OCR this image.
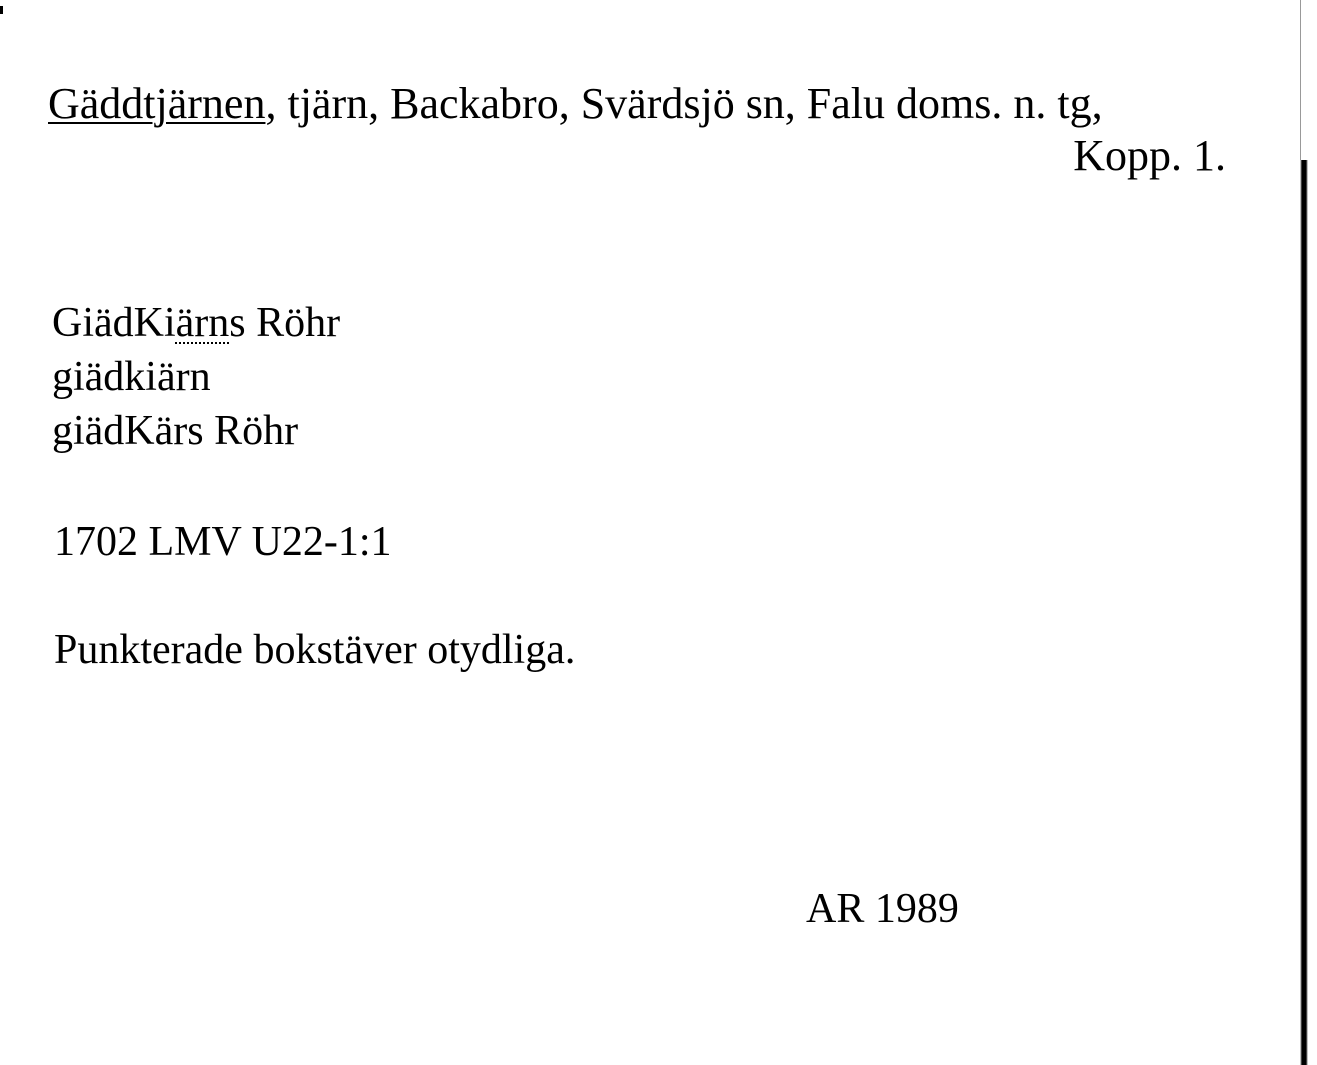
Gäddtjärnen, tjärn, Backabro, Svärdsjö sn, Falu doms. n. tg,
Kopp. 1.
GiädKiärns Röhr
giädkiärn
giädKärs Röhr
1702 LMV U22-1:1
Punkterade bokstäver otydliga.
AR 1989
